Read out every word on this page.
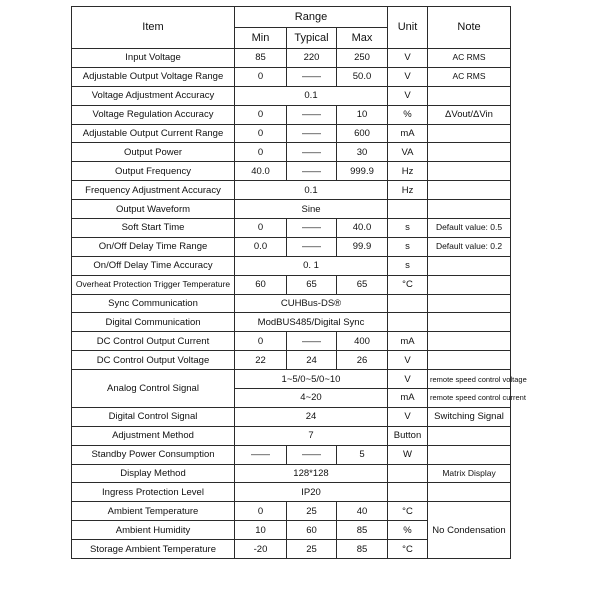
Item	Range			Unit	Note
	Min	Typical	Max		
Input Voltage	85	220	250	V	AC RMS
Adjustable Output Voltage Range	0	——	50.0	V	AC RMS
Voltage Adjustment Accuracy	0.1			V	
Voltage Regulation Accuracy	0	——	10	%	ΔVout/ΔVin
Adjustable Output Current Range	0	——	600	mA	
Output Power	0	——	30	VA	
Output Frequency	40.0	——	999.9	Hz	
Frequency Adjustment Accuracy	0.1			Hz	
Output Waveform	Sine				
Soft Start Time	0	——	40.0	s	Default value: 0.5
On/Off Delay Time Range	0.0	——	99.9	s	Default value: 0.2
On/Off Delay Time Accuracy	0. 1			s	
Overheat Protection Trigger Temperature	60	65	65	°C	
Sync Communication	CUHBus-DS®				
Digital Communication	ModBUS485/Digital Sync				
DC Control Output Current	0	——	400	mA	
DC Control Output Voltage	22	24	26	V	
Analog Control Signal	1~5/0~5/0~10			V	remote speed control voltage
	4~20			mA	remote speed control current
Digital Control Signal	24			V	Switching Signal
Adjustment Method	7			Button	
Standby Power Consumption	——	——	5	W	
Display Method	128*128				Matrix Display
Ingress Protection Level	IP20				
Ambient Temperature	0	25	40	°C	No Condensation
Ambient Humidity	10	60	85	%	
Storage Ambient Temperature	-20	25	85	°C	
